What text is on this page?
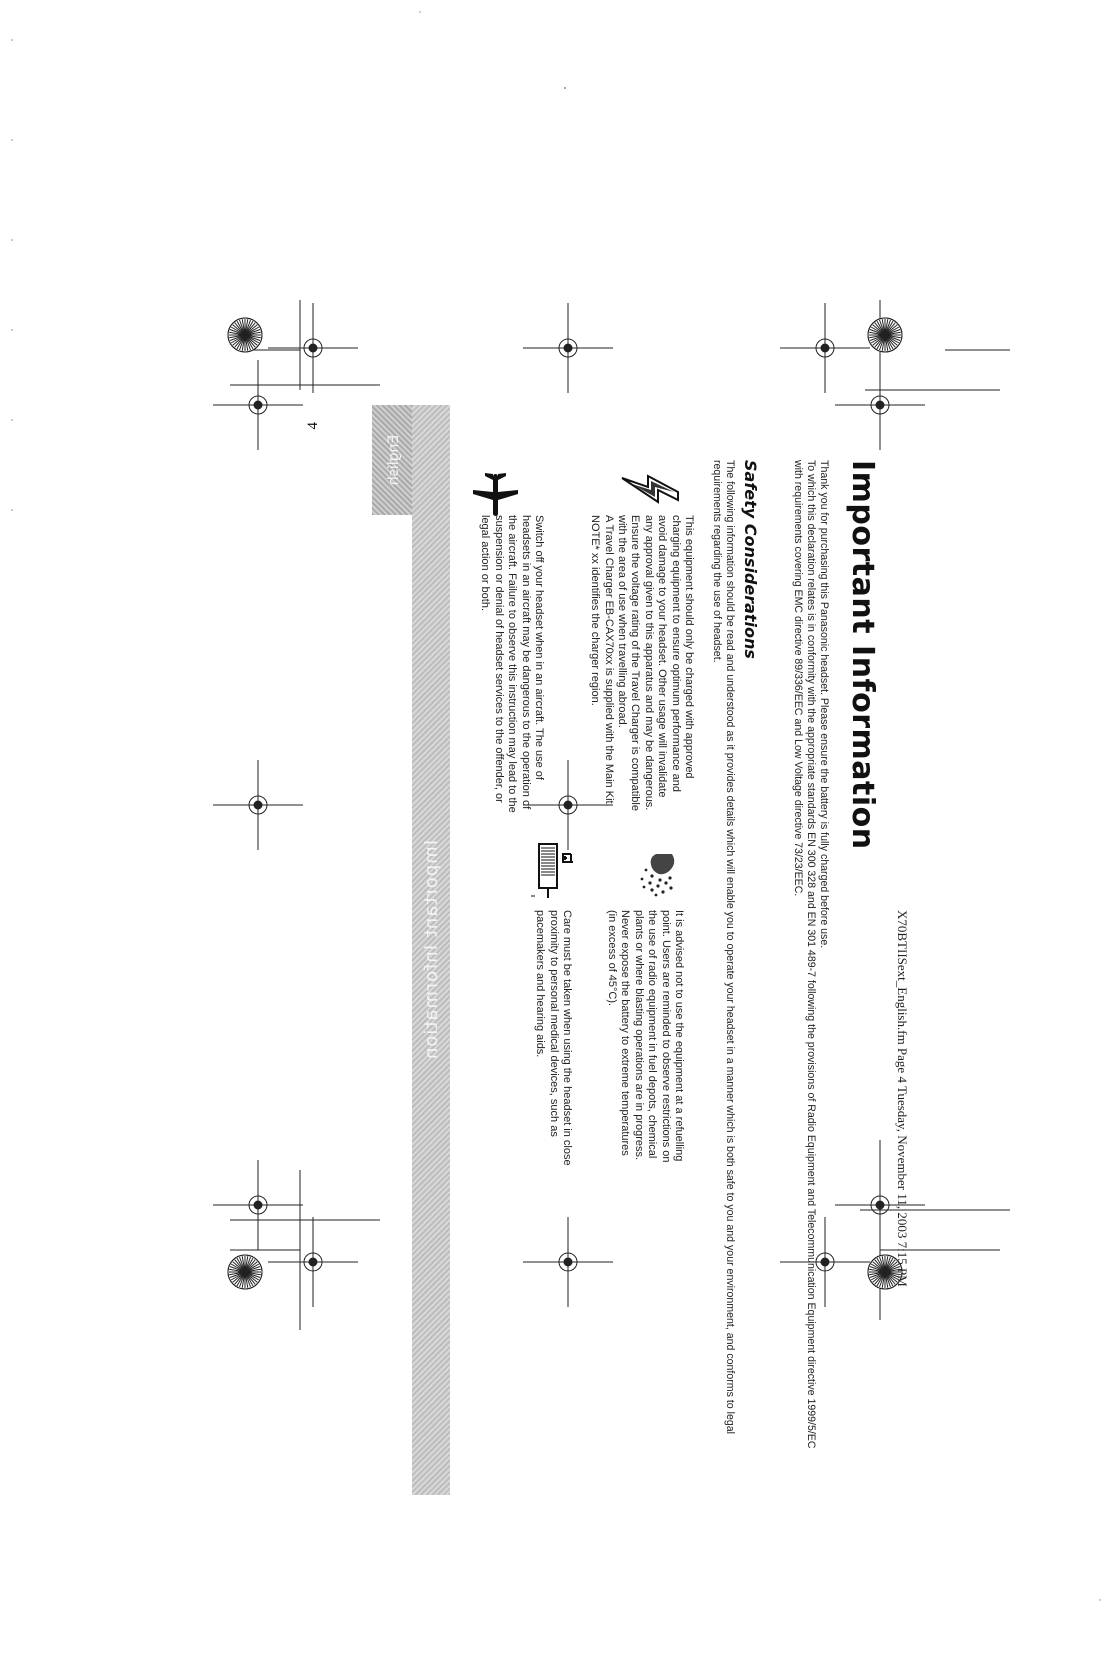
X70BTIISext_English.fm Page 4 Tuesday, November 11, 2003 7:15 PM
Important Information

Thank you for purchasing this Panasonic headset. Please ensure the battery is fully charged before use.

To which this declaration relates is in conformity with the appropriate standards EN 300 328 and EN 301 489-7 following the provisions of Radio Equipment and Telecommunication Equipment directive 1999/5/EC with requirements covering EMC directive 89/336/EEC and Low Voltage directive 73/23/EEC.

Safety Considerations

The following information should be read and understood as it provides details which will enable you to operate your headset in a manner which is both safe to you and your environment, and conforms to legal requirements regarding the use of headset.

This equipment should only be charged with approved charging equipment to ensure optimum performance and avoid damage to your headset. Other usage will invalidate any approval given to this apparatus and may be dangerous. Ensure the voltage rating of the Travel Charger is compatible with the area of use when travelling abroad.

A Travel Charger EB-CAX70xx is supplied with the Main Kit.

NOTE* xx identifies the charger region.

It is advised not to use the equipment at a refuelling point. Users are reminded to observe restrictions on the use of radio equipment in fuel depots, chemical plants or where blasting operations are in progress. Never expose the battery to extreme temperatures (in excess of 45°C).

Care must be taken when using the headset in close proximity to personal medical devices, such as pacemakers and hearing aids.

Switch off your headset when in an aircraft. The use of headsets in an aircraft may be dangerous to the operation of the aircraft. Failure to observe this instruction may lead to the suspension or denial of headset services to the offender, or legal action or both.

Important Information
English
4
